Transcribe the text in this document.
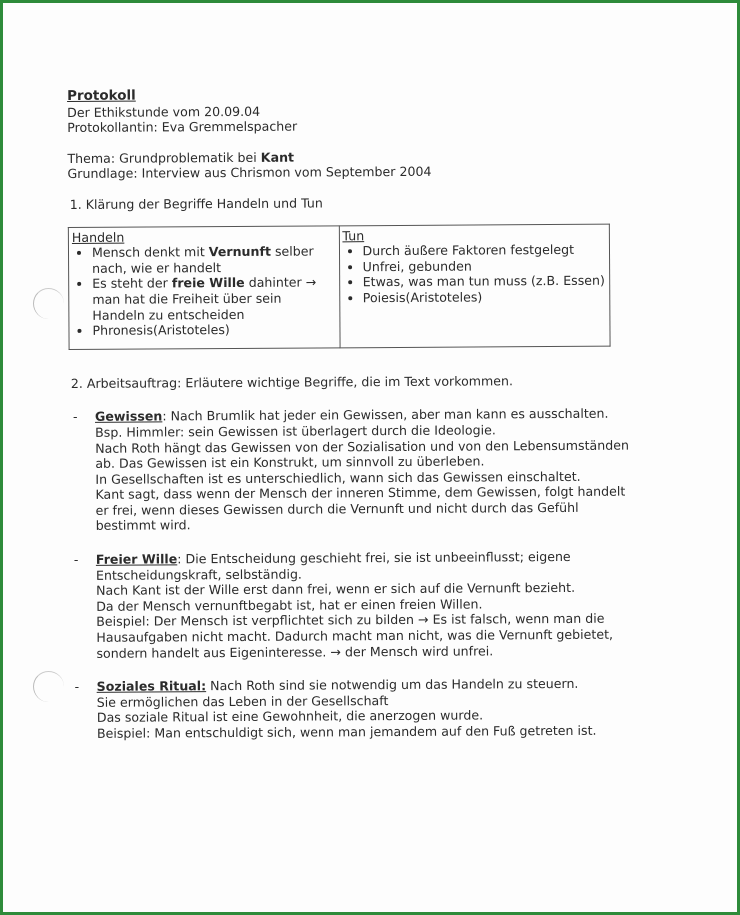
Protokoll
Der Ethikstunde vom 20.09.04
Protokollantin: Eva Gremmelspacher
Thema: Grundproblematik bei Kant
Grundlage: Interview aus Chrismon vom September 2004
1. Klärung der Begriffe Handeln und Tun
Handeln
• Mensch denkt mit Vernunft selber nach, wie er handelt
• Es steht der freie Wille dahinter → man hat die Freiheit über sein Handeln zu entscheiden
• Phronesis(Aristoteles)

Tun
• Durch äußere Faktoren festgelegt
• Unfrei, gebunden
• Etwas, was man tun muss (z.B. Essen)
• Poiesis(Aristoteles)
2. Arbeitsauftrag: Erläutere wichtige Begriffe, die im Text vorkommen.
- Gewissen: Nach Brumlik hat jeder ein Gewissen, aber man kann es ausschalten. Bsp. Himmler: sein Gewissen ist überlagert durch die Ideologie.
Nach Roth hängt das Gewissen von der Sozialisation und von den Lebensumständen ab. Das Gewissen ist ein Konstrukt, um sinnvoll zu überleben.
In Gesellschaften ist es unterschiedlich, wann sich das Gewissen einschaltet.
Kant sagt, dass wenn der Mensch der inneren Stimme, dem Gewissen, folgt handelt er frei, wenn dieses Gewissen durch die Vernunft und nicht durch das Gefühl bestimmt wird.
- Freier Wille: Die Entscheidung geschieht frei, sie ist unbeeinflusst; eigene Entscheidungskraft, selbständig.
Nach Kant ist der Wille erst dann frei, wenn er sich auf die Vernunft bezieht.
Da der Mensch vernunftbegabt ist, hat er einen freien Willen.
Beispiel: Der Mensch ist verpflichtet sich zu bilden → Es ist falsch, wenn man die Hausaufgaben nicht macht. Dadurch macht man nicht, was die Vernunft gebietet, sondern handelt aus Eigeninteresse. → der Mensch wird unfrei.
- Soziales Ritual: Nach Roth sind sie notwendig um das Handeln zu steuern.
Sie ermöglichen das Leben in der Gesellschaft
Das soziale Ritual ist eine Gewohnheit, die anerzogen wurde.
Beispiel: Man entschuldigt sich, wenn man jemandem auf den Fuß getreten ist.
